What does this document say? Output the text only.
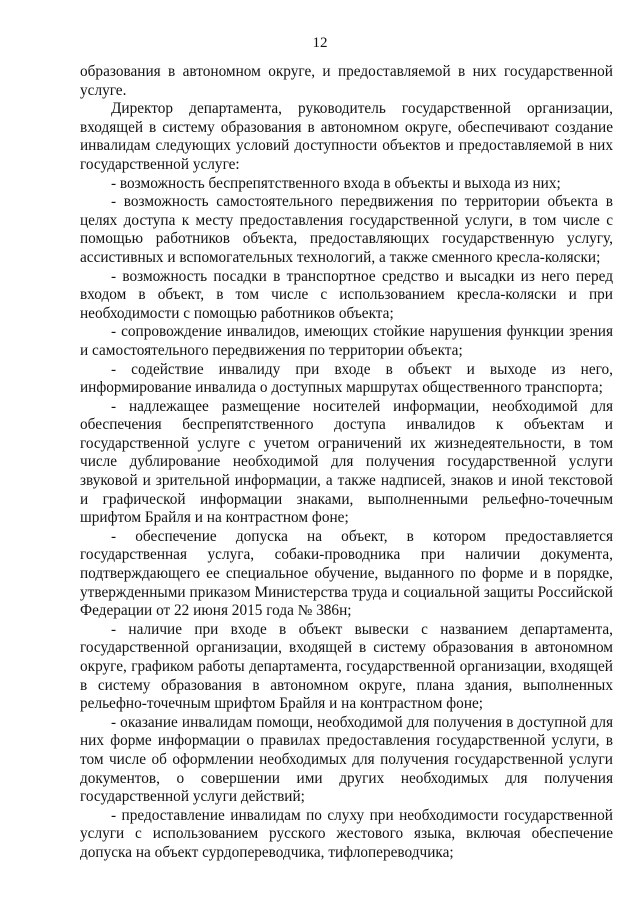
12

образования в автономном округе, и предоставляемой в них государственной услуге.

Директор департамента, руководитель государственной организации, входящей в систему образования в автономном округе, обеспечивают создание инвалидам следующих условий доступности объектов и предоставляемой в них государственной услуге:

- возможность беспрепятственного входа в объекты и выхода из них;

- возможность самостоятельного передвижения по территории объекта в целях доступа к месту предоставления государственной услуги, в том числе с помощью работников объекта, предоставляющих государственную услугу, ассистивных и вспомогательных технологий, а также сменного кресла-коляски;

- возможность посадки в транспортное средство и высадки из него перед входом в объект, в том числе с использованием кресла-коляски и при необходимости с помощью работников объекта;

- сопровождение инвалидов, имеющих стойкие нарушения функции зрения и самостоятельного передвижения по территории объекта;

- содействие инвалиду при входе в объект и выходе из него, информирование инвалида о доступных маршрутах общественного транспорта;

- надлежащее размещение носителей информации, необходимой для обеспечения беспрепятственного доступа инвалидов к объектам и государственной услуге с учетом ограничений их жизнедеятельности, в том числе дублирование необходимой для получения государственной услуги звуковой и зрительной информации, а также надписей, знаков и иной текстовой и графической информации знаками, выполненными рельефно-точечным шрифтом Брайля и на контрастном фоне;

- обеспечение допуска на объект, в котором предоставляется государственная услуга, собаки-проводника при наличии документа, подтверждающего ее специальное обучение, выданного по форме и в порядке, утвержденными приказом Министерства труда и социальной защиты Российской Федерации от 22 июня 2015 года № 386н;

- наличие при входе в объект вывески с названием департамента, государственной организации, входящей в систему образования в автономном округе, графиком работы департамента, государственной организации, входящей в систему образования в автономном округе, плана здания, выполненных рельефно-точечным шрифтом Брайля и на контрастном фоне;

- оказание инвалидам помощи, необходимой для получения в доступной для них форме информации о правилах предоставления государственной услуги, в том числе об оформлении необходимых для получения государственной услуги документов, о совершении ими других необходимых для получения государственной услуги действий;

- предоставление инвалидам по слуху при необходимости государственной услуги с использованием русского жестового языка, включая обеспечение допуска на объект сурдопереводчика, тифлопереводчика;
